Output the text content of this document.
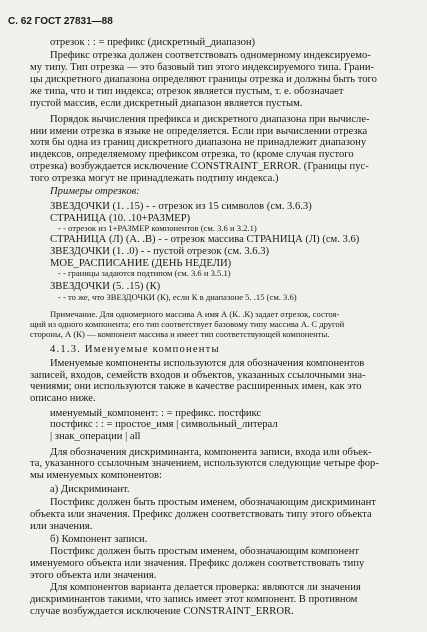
С. 62 ГОСТ 27831—88
отрезок : : = префикс (дискретный_диапазон)
Префикс отрезка должен соответствовать одномерному индексируемо-
му типу. Тип отрезка — это базовый тип этого индексируемого типа. Грани-
цы дискретного диапазона определяют границы отрезка и должны быть того
же типа, что и тип индекса; отрезок является пустым, т. е. обозначает
пустой массив, если дискретный диапазон является пустым.
Порядок вычисления префикса и дискретного диапазона при вычисле-
нии имени отрезка в языке не определяется. Если при вычислении отрезка
хотя бы одна из границ дискретного диапазона не принадлежит диапазону
индексов, определяемому префиксом отрезка, то (кроме случая пустого
отрезка) возбуждается исключение CONSTRAINT_ERROR. (Границы пус-
того отрезка могут не принадлежать подтипу индекса.)
Примеры отрезков:
ЗВЕЗДОЧКИ (1. .15) - - отрезок из 15 символов (см. 3.6.3)
СТРАНИЦА (10. .10+РАЗМЕР)
- - отрезок из 1+РАЗМЕР компонентов (см. 3.6 и 3.2.1)
СТРАНИЦА (Л) (А. .В) - - отрезок массива СТРАНИЦА (Л) (см. 3.6)
ЗВЕЗДОЧКИ (1. .0) - - пустой отрезок (см. 3.6.3)
МОЕ_РАСПИСАНИЕ (ДЕНЬ НЕДЕЛИ)
- - границы задаются подтипом (см. 3.6 и 3.5.1)
ЗВЕЗДОЧКИ (5. .15) (К)
- - то же, что ЗВЕЗДОЧКИ (К), если К в диапазоне 5. .15 (см. 3.6)
Примечание. Для одномерного массива А имя А (К. .К) задает отрезок, состоя-
щий из одного компонента; его тип соответствует базовому типу массива А. С другой
стороны, А (К) — компонент массива и имеет тип соответствующей компоненты.
4.1.3. Именуемые компоненты
Именуемые компоненты используются для обозначения компонентов
записей, входов, семейств входов и объектов, указанных ссылочными зна-
чениями; они используются также в качестве расширенных имен, как это
описано ниже.
именуемый_компонент: : = префикс. постфикс
постфикс : : = простое_имя | символьный_литерал
| знак_операции | all
Для обозначения дискриминанта, компонента записи, входа или объек-
та, указанного ссылочным значением, используются следующие четыре фор-
мы именуемых компонентов:
а) Дискриминант.
Постфикс должен быть простым именем, обозначающим дискриминант
объекта или значения. Префикс должен соответствовать типу этого объекта
или значения.
б) Компонент записи.
Постфикс должен быть простым именем, обозначающим компонент
именуемого объекта или значения. Префикс должен соответствовать типу
этого объекта или значения.
Для компонентов варианта делается проверка: являются ли значения
дискриминантов такими, что запись имеет этот компонент. В противном
случае возбуждается исключение CONSTRAINT_ERROR.
